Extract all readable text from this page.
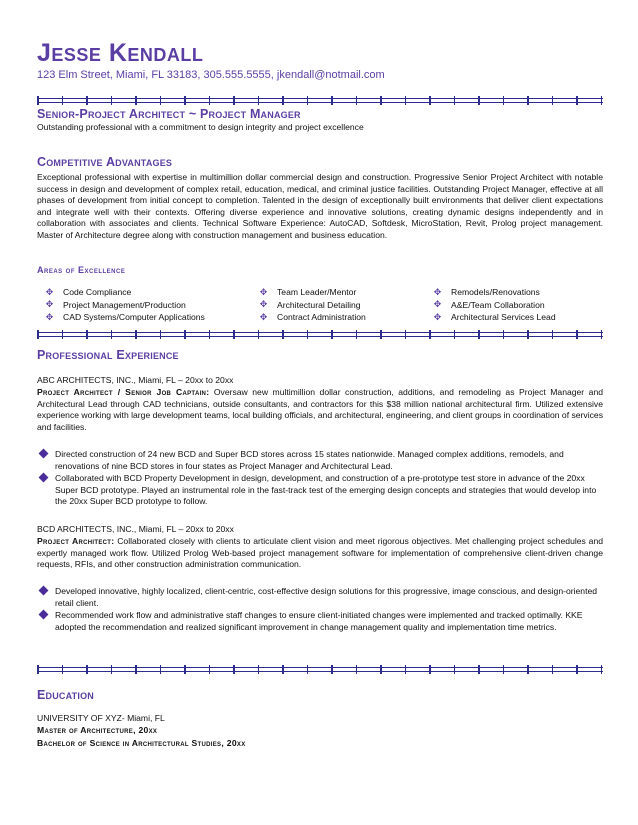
Jesse Kendall
123 Elm Street, Miami, FL 33183, 305.555.5555, jkendall@notmail.com
Senior-Project Architect ~ Project Manager
Outstanding professional with a commitment to design integrity and project excellence
Competitive Advantages
Exceptional professional with expertise in multimillion dollar commercial design and construction. Progressive Senior Project Architect with notable success in design and development of complex retail, education, medical, and criminal justice facilities. Outstanding Project Manager, effective at all phases of development from initial concept to completion. Talented in the design of exceptionally built environments that deliver client expectations and integrate well with their contexts. Offering diverse experience and innovative solutions, creating dynamic designs independently and in collaboration with associates and clients. Technical Software Experience: AutoCAD, Softdesk, MicroStation, Revit, Prolog project management. Master of Architecture degree along with construction management and business education.
Areas of Excellence
✥ Code Compliance
✥ Project Management/Production
✥ CAD Systems/Computer Applications
✥ Team Leader/Mentor
✥ Architectural Detailing
✥ Contract Administration
✥ Remodels/Renovations
✥ A&E/Team Collaboration
✥ Architectural Services Lead
Professional Experience
ABC ARCHITECTS, INC., Miami, FL – 20xx to 20xx
Project Architect / Senior Job Captain: Oversaw new multimillion dollar construction, additions, and remodeling as Project Manager and Architectural Lead through CAD technicians, outside consultants, and contractors for this $38 million national architectural firm. Utilized extensive experience working with large development teams, local building officials, and architectural, engineering, and client groups in coordination of services and facilities.
Directed construction of 24 new BCD and Super BCD stores across 15 states nationwide. Managed complex additions, remodels, and renovations of nine BCD stores in four states as Project Manager and Architectural Lead.
Collaborated with BCD Property Development in design, development, and construction of a pre-prototype test store in advance of the 20xx Super BCD prototype. Played an instrumental role in the fast-track test of the emerging design concepts and strategies that would develop into the 20xx Super BCD prototype to follow.
BCD ARCHITECTS, INC., Miami, FL – 20xx to 20xx
Project Architect: Collaborated closely with clients to articulate client vision and meet rigorous objectives. Met challenging project schedules and expertly managed work flow. Utilized Prolog Web-based project management software for implementation of comprehensive client-driven change requests, RFIs, and other construction administration communication.
Developed innovative, highly localized, client-centric, cost-effective design solutions for this progressive, image conscious, and design-oriented retail client.
Recommended work flow and administrative staff changes to ensure client-initiated changes were implemented and tracked optimally. KKE adopted the recommendation and realized significant improvement in change management quality and implementation time metrics.
Education
UNIVERSITY OF XYZ- Miami, FL
Master of Architecture, 20xx
Bachelor of Science in Architectural Studies, 20xx
